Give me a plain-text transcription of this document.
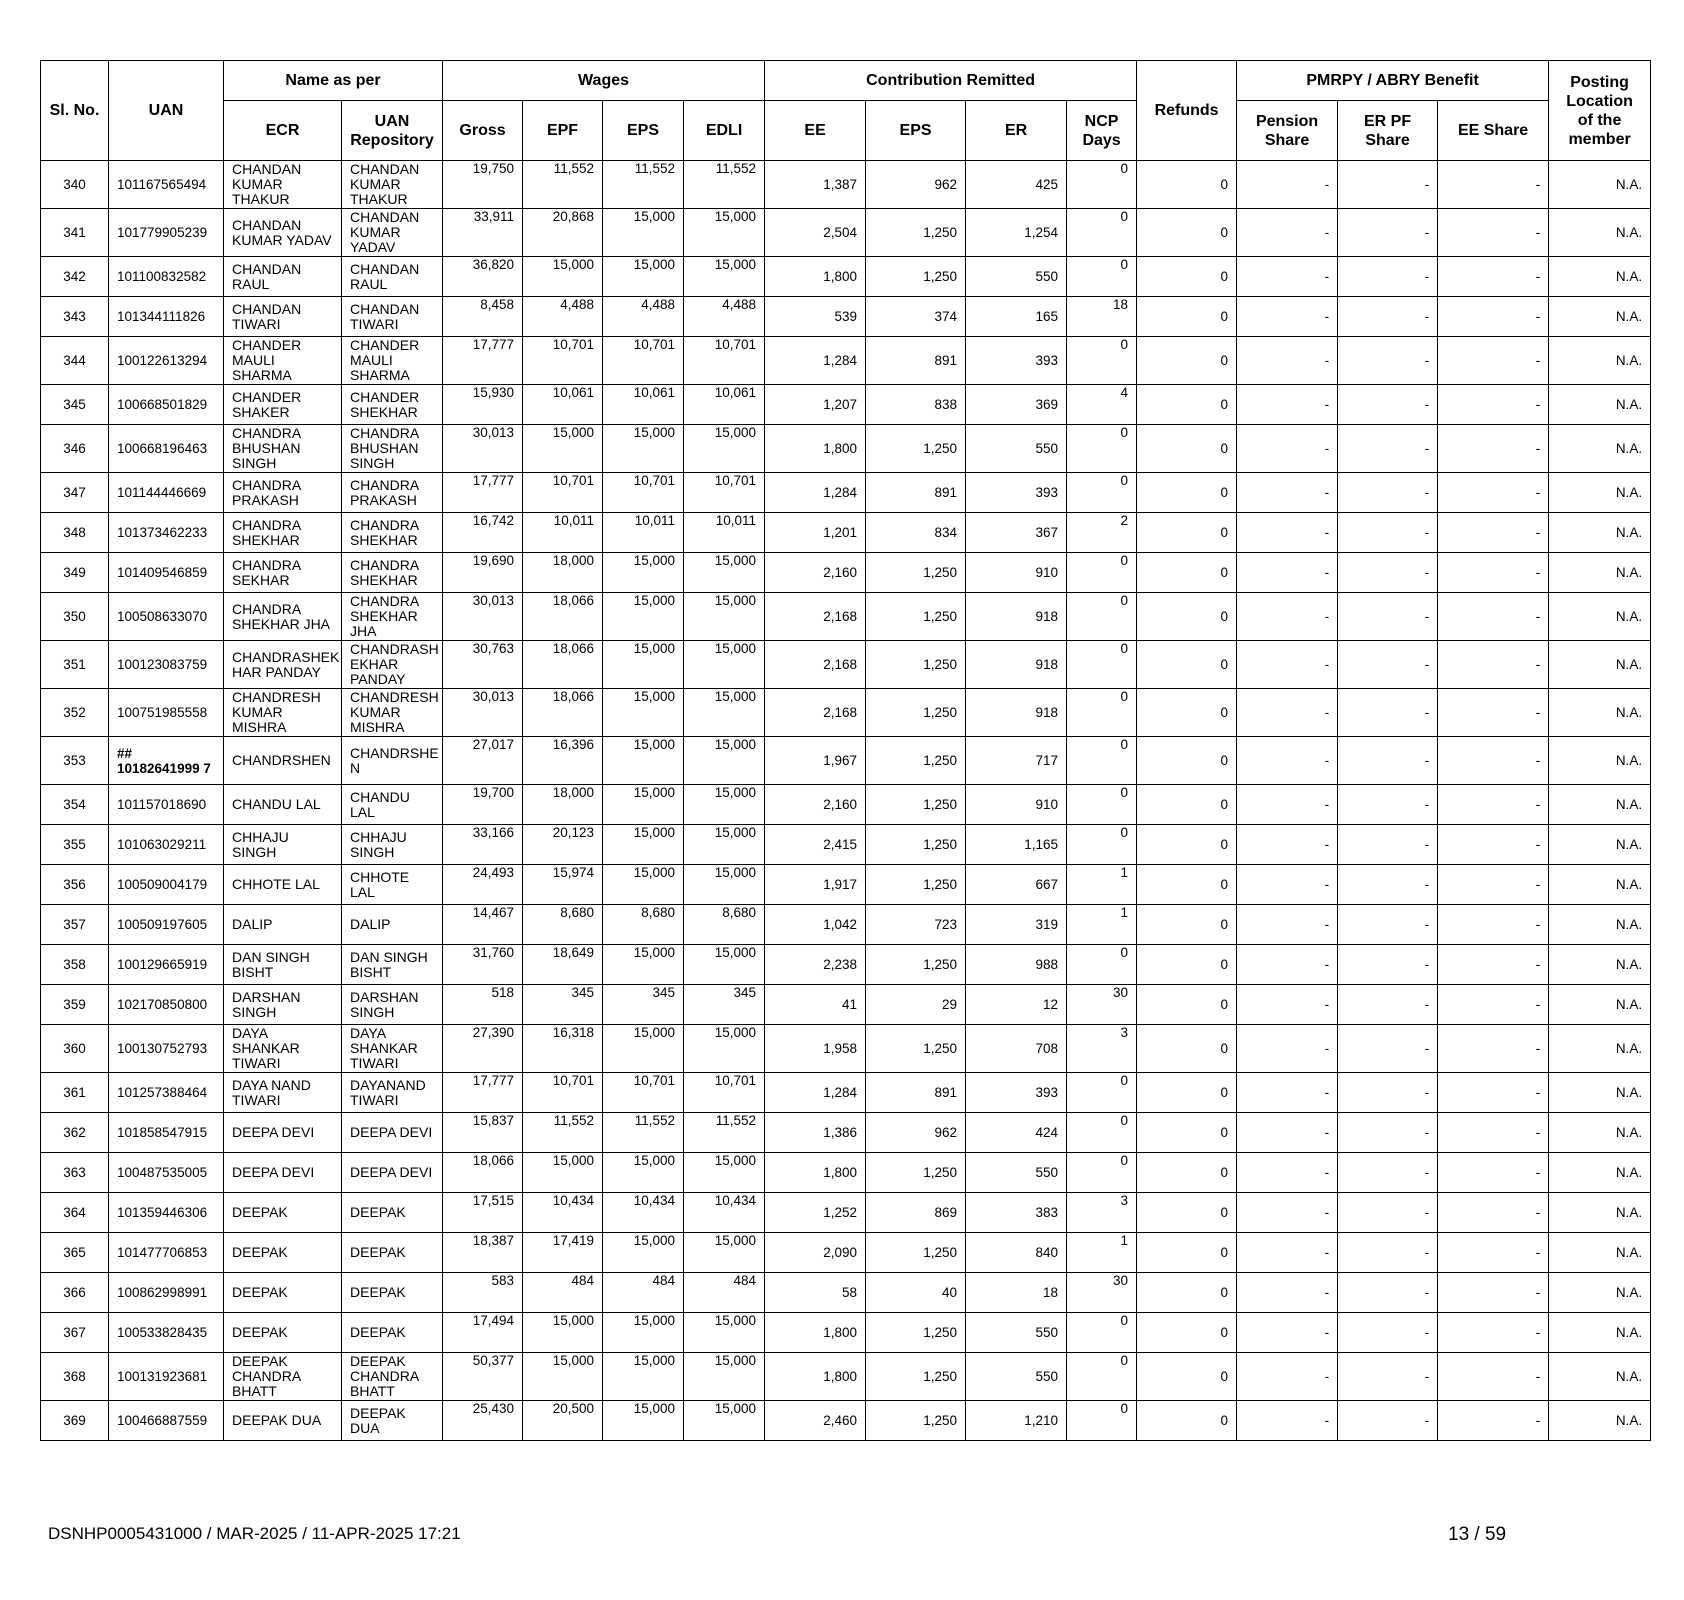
Sl. No.	UAN	Name as per		Wages				Contribution Remitted				Refunds	PMRPY / ABRY Benefit			Posting Location of the member
		ECR	UAN Repository	Gross	EPF	EPS	EDLI	EE	EPS	ER	NCP Days		Pension Share	ER PF Share	EE Share	
340	101167565494	CHANDAN KUMAR THAKUR	CHANDAN KUMAR THAKUR	19,750	11,552	11,552	11,552	1,387	962	425	0	0	-	-	-	N.A.
341	101779905239	CHANDAN KUMAR YADAV	CHANDAN KUMAR YADAV	33,911	20,868	15,000	15,000	2,504	1,250	1,254	0	0	-	-	-	N.A.
342	101100832582	CHANDAN RAUL	CHANDAN RAUL	36,820	15,000	15,000	15,000	1,800	1,250	550	0	0	-	-	-	N.A.
343	101344111826	CHANDAN TIWARI	CHANDAN TIWARI	8,458	4,488	4,488	4,488	539	374	165	18	0	-	-	-	N.A.
344	100122613294	CHANDER MAULI SHARMA	CHANDER MAULI SHARMA	17,777	10,701	10,701	10,701	1,284	891	393	0	0	-	-	-	N.A.
345	100668501829	CHANDER SHAKER	CHANDER SHEKHAR	15,930	10,061	10,061	10,061	1,207	838	369	4	0	-	-	-	N.A.
346	100668196463	CHANDRA BHUSHAN SINGH	CHANDRA BHUSHAN SINGH	30,013	15,000	15,000	15,000	1,800	1,250	550	0	0	-	-	-	N.A.
347	101144446669	CHANDRA PRAKASH	CHANDRA PRAKASH	17,777	10,701	10,701	10,701	1,284	891	393	0	0	-	-	-	N.A.
348	101373462233	CHANDRA SHEKHAR	CHANDRA SHEKHAR	16,742	10,011	10,011	10,011	1,201	834	367	2	0	-	-	-	N.A.
349	101409546859	CHANDRA SEKHAR	CHANDRA SHEKHAR	19,690	18,000	15,000	15,000	2,160	1,250	910	0	0	-	-	-	N.A.
350	100508633070	CHANDRA SHEKHAR JHA	CHANDRA SHEKHAR JHA	30,013	18,066	15,000	15,000	2,168	1,250	918	0	0	-	-	-	N.A.
351	100123083759	CHANDRASHEK HAR PANDAY	CHANDRASH EKHAR PANDAY	30,763	18,066	15,000	15,000	2,168	1,250	918	0	0	-	-	-	N.A.
352	100751985558	CHANDRESH KUMAR MISHRA	CHANDRESH KUMAR MISHRA	30,013	18,066	15,000	15,000	2,168	1,250	918	0	0	-	-	-	N.A.
353	## 10182641999 7	CHANDRSHEN	CHANDRSHE N	27,017	16,396	15,000	15,000	1,967	1,250	717	0	0	-	-	-	N.A.
354	101157018690	CHANDU LAL	CHANDU LAL	19,700	18,000	15,000	15,000	2,160	1,250	910	0	0	-	-	-	N.A.
355	101063029211	CHHAJU SINGH	CHHAJU SINGH	33,166	20,123	15,000	15,000	2,415	1,250	1,165	0	0	-	-	-	N.A.
356	100509004179	CHHOTE LAL	CHHOTE LAL	24,493	15,974	15,000	15,000	1,917	1,250	667	1	0	-	-	-	N.A.
357	100509197605	DALIP	DALIP	14,467	8,680	8,680	8,680	1,042	723	319	1	0	-	-	-	N.A.
358	100129665919	DAN SINGH BISHT	DAN SINGH BISHT	31,760	18,649	15,000	15,000	2,238	1,250	988	0	0	-	-	-	N.A.
359	102170850800	DARSHAN SINGH	DARSHAN SINGH	518	345	345	345	41	29	12	30	0	-	-	-	N.A.
360	100130752793	DAYA SHANKAR TIWARI	DAYA SHANKAR TIWARI	27,390	16,318	15,000	15,000	1,958	1,250	708	3	0	-	-	-	N.A.
361	101257388464	DAYA NAND TIWARI	DAYANAND TIWARI	17,777	10,701	10,701	10,701	1,284	891	393	0	0	-	-	-	N.A.
362	101858547915	DEEPA DEVI	DEEPA DEVI	15,837	11,552	11,552	11,552	1,386	962	424	0	0	-	-	-	N.A.
363	100487535005	DEEPA DEVI	DEEPA DEVI	18,066	15,000	15,000	15,000	1,800	1,250	550	0	0	-	-	-	N.A.
364	101359446306	DEEPAK	DEEPAK	17,515	10,434	10,434	10,434	1,252	869	383	3	0	-	-	-	N.A.
365	101477706853	DEEPAK	DEEPAK	18,387	17,419	15,000	15,000	2,090	1,250	840	1	0	-	-	-	N.A.
366	100862998991	DEEPAK	DEEPAK	583	484	484	484	58	40	18	30	0	-	-	-	N.A.
367	100533828435	DEEPAK	DEEPAK	17,494	15,000	15,000	15,000	1,800	1,250	550	0	0	-	-	-	N.A.
368	100131923681	DEEPAK CHANDRA BHATT	DEEPAK CHANDRA BHATT	50,377	15,000	15,000	15,000	1,800	1,250	550	0	0	-	-	-	N.A.
369	100466887559	DEEPAK DUA	DEEPAK DUA	25,430	20,500	15,000	15,000	2,460	1,250	1,210	0	0	-	-	-	N.A.
DSNHP0005431000 / MAR-2025 / 11-APR-2025 17:21	13 / 59
